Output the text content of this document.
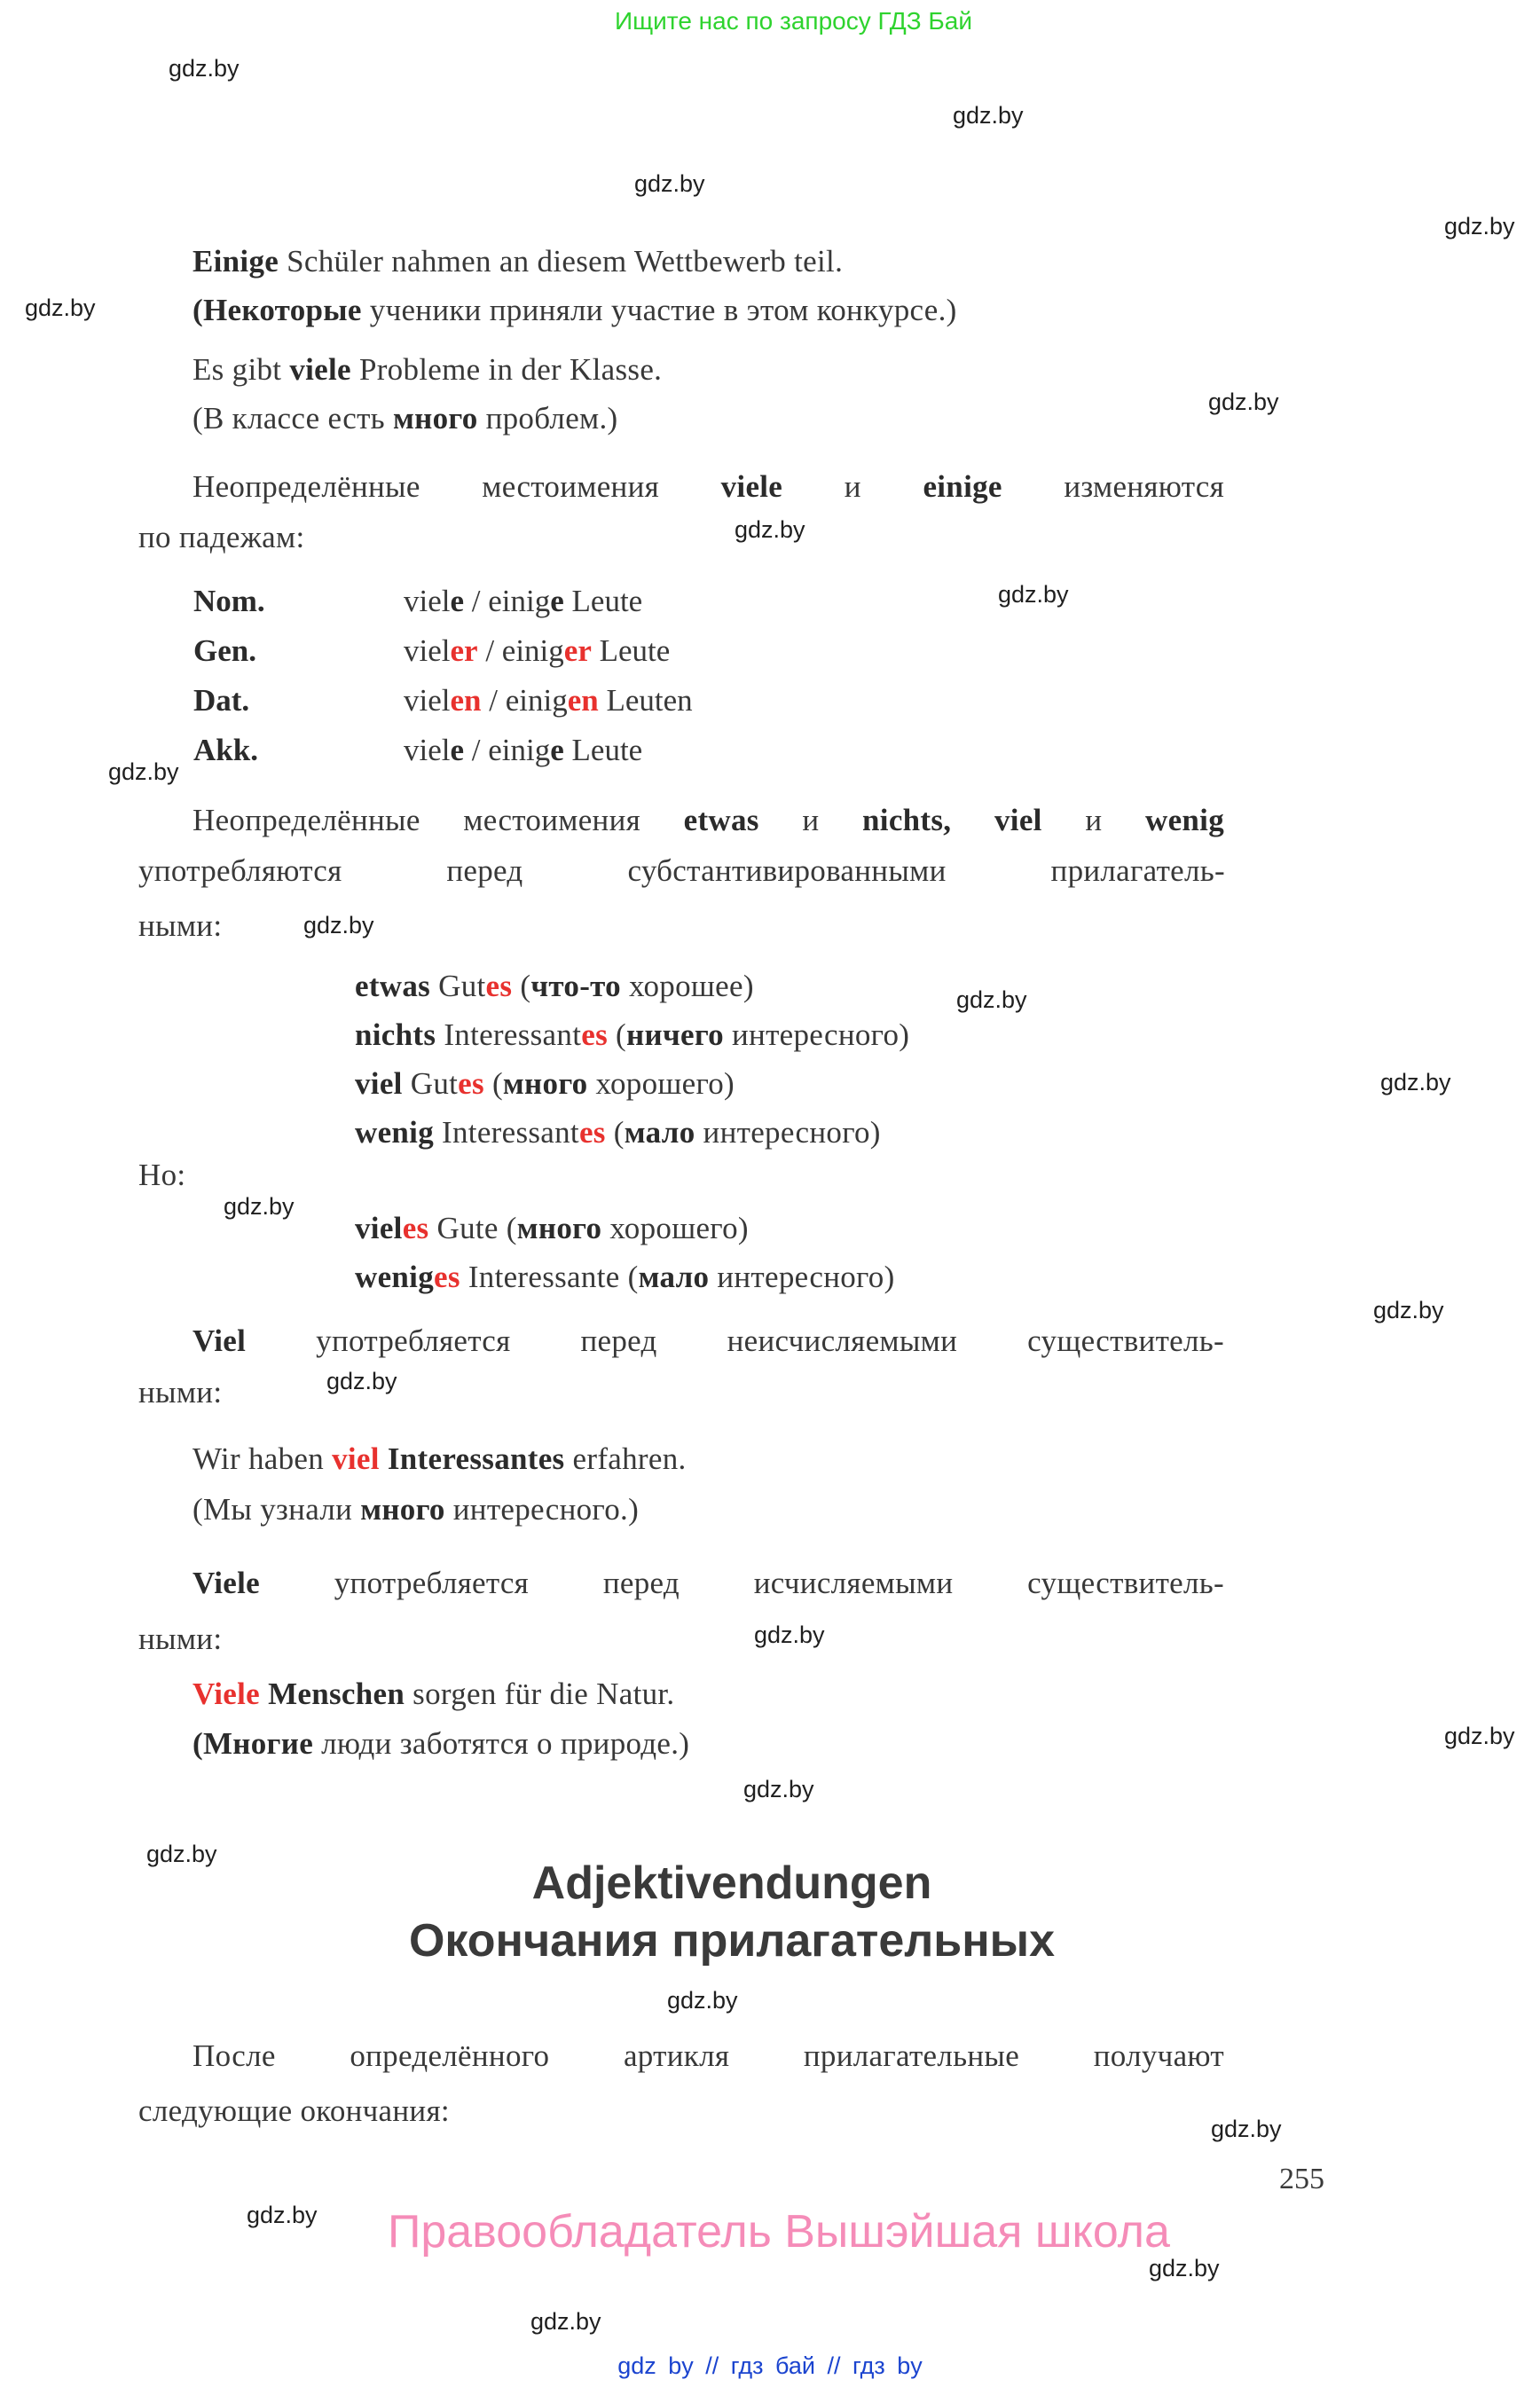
Ищите нас по запросу ГДЗ Бай
gdz.by
gdz.by
gdz.by
gdz.by
gdz.by
gdz.by
gdz.by
gdz.by
gdz.by
gdz.by
gdz.by
gdz.by
gdz.by
gdz.by
gdz.by
gdz.by
gdz.by
gdz.by
gdz.by
gdz.by
gdz.by
gdz.by
gdz.by
gdz.by
Einige Schüler nahmen an diesem Wettbewerb teil.
(Некоторые ученики приняли участие в этом конкурсе.)
Es gibt viele Probleme in der Klasse.
(В классе есть много проблем.)
Неопределённые местоимения viele и einige изменяются
по падежам:
Nom.	viele / einige Leute
Gen.	vieler / einiger Leute
Dat.	vielen / einigen Leuten
Akk.	viele / einige Leute
Неопределённые местоимения etwas и nichts, viel и wenig
употребляются перед субстантивированными прилагатель-
ными:
etwas Gutes (что-то хорошее)
nichts Interessantes (ничего интересного)
viel Gutes (много хорошего)
wenig Interessantes (мало интересного)
Но:
vieles Gute (много хорошего)
weniges Interessante (мало интересного)
Viel употребляется перед неисчисляемыми существитель-
ными:
Wir haben viel Interessantes erfahren.
(Мы узнали много интересного.)
Viele употребляется перед исчисляемыми существитель-
ными:
Viele Menschen sorgen für die Natur.
(Многие люди заботятся о природе.)
Adjektivendungen
Окончания прилагательных
После определённого артикля прилагательные получают
следующие окончания:
255
Правообладатель Вышэйшая школа
gdz by // гдз бай // гдз by
